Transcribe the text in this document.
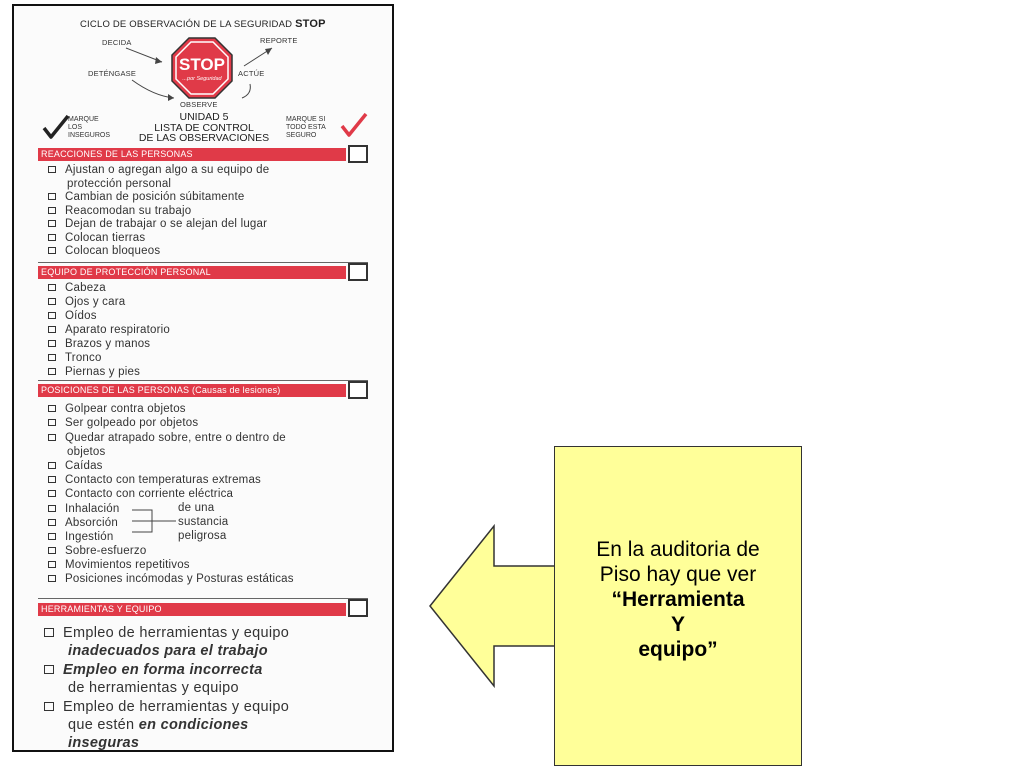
CICLO DE OBSERVACIÓN DE LA SEGURIDAD STOP
DECIDA	REPORTE
DETÉNGASE	ACTÚE
OBSERVE
STOP
...por Seguridad
MARQUE
LOS
INSEGUROS
UNIDAD 5
LISTA DE CONTROL
DE LAS OBSERVACIONES
MARQUE SI
TODO ESTA
SEGURO
REACCIONES DE LAS PERSONAS
Ajustan o agregan algo a su equipo de
protección personal
Cambian de posición súbitamente
Reacomodan su trabajo
Dejan de trabajar o se alejan del lugar
Colocan tierras
Colocan bloqueos
EQUIPO DE PROTECCIÓN PERSONAL
Cabeza
Ojos y cara
Oídos
Aparato respiratorio
Brazos y manos
Tronco
Piernas y pies
POSICIONES DE LAS PERSONAS (Causas de lesiones)
Golpear contra objetos
Ser golpeado por objetos
Quedar atrapado sobre, entre o dentro de
objetos
Caídas
Contacto con temperaturas extremas
Contacto con corriente eléctrica
Inhalación
Absorción
Ingestión
de una
sustancia
peligrosa
Sobre-esfuerzo
Movimientos repetitivos
Posiciones incómodas y Posturas estáticas
HERRAMIENTAS Y EQUIPO
Empleo de herramientas y equipo
inadecuados para el trabajo
Empleo en forma incorrecta
de herramientas y equipo
Empleo de herramientas y equipo
que estén en condiciones
inseguras
En la auditoria de
Piso hay que ver
“Herramienta
Y
equipo”
